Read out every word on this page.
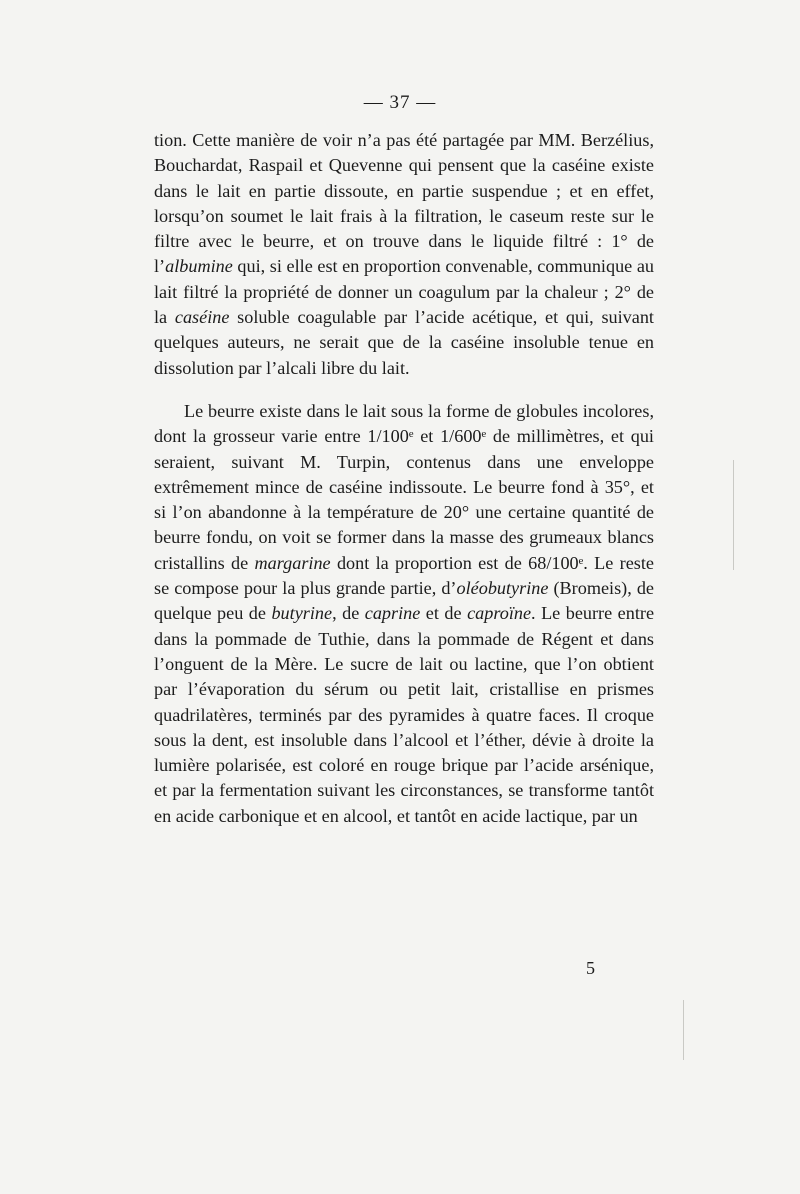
— 37 —

tion. Cette manière de voir n’a pas été partagée par MM. Berzélius, Bouchardat, Raspail et Quevenne qui pensent que la caséine existe dans le lait en partie dissoute, en partie suspendue ; et en effet, lorsqu’on soumet le lait frais à la filtration, le caseum reste sur le filtre avec le beurre, et on trouve dans le liquide filtré : 1° de l’albumine qui, si elle est en proportion convenable, communique au lait filtré la propriété de donner un coagulum par la chaleur ; 2° de la caséine soluble coagulable par l’acide acétique, et qui, suivant quelques auteurs, ne serait que de la caséine insoluble tenue en dissolution par l’alcali libre du lait.

Le beurre existe dans le lait sous la forme de globules incolores, dont la grosseur varie entre 1/100ᵉ et 1/600ᵉ de millimètres, et qui seraient, suivant M. Turpin, contenus dans une enveloppe extrêmement mince de caséine indissoute. Le beurre fond à 35°, et si l’on abandonne à la température de 20° une certaine quantité de beurre fondu, on voit se former dans la masse des grumeaux blancs cristallins de margarine dont la proportion est de 68/100ᵉ. Le reste se compose pour la plus grande partie, d’oléobutyrine (Bromeis), de quelque peu de butyrine, de caprine et de caproïne. Le beurre entre dans la pommade de Tuthie, dans la pommade de Régent et dans l’onguent de la Mère. Le sucre de lait ou lactine, que l’on obtient par l’évaporation du sérum ou petit lait, cristallise en prismes quadrilatères, terminés par des pyramides à quatre faces. Il croque sous la dent, est insoluble dans l’alcool et l’éther, dévie à droite la lumière polarisée, est coloré en rouge brique par l’acide arsénique, et par la fermentation suivant les circonstances, se transforme tantôt en acide carbonique et en alcool, et tantôt en acide lactique, par un

5
